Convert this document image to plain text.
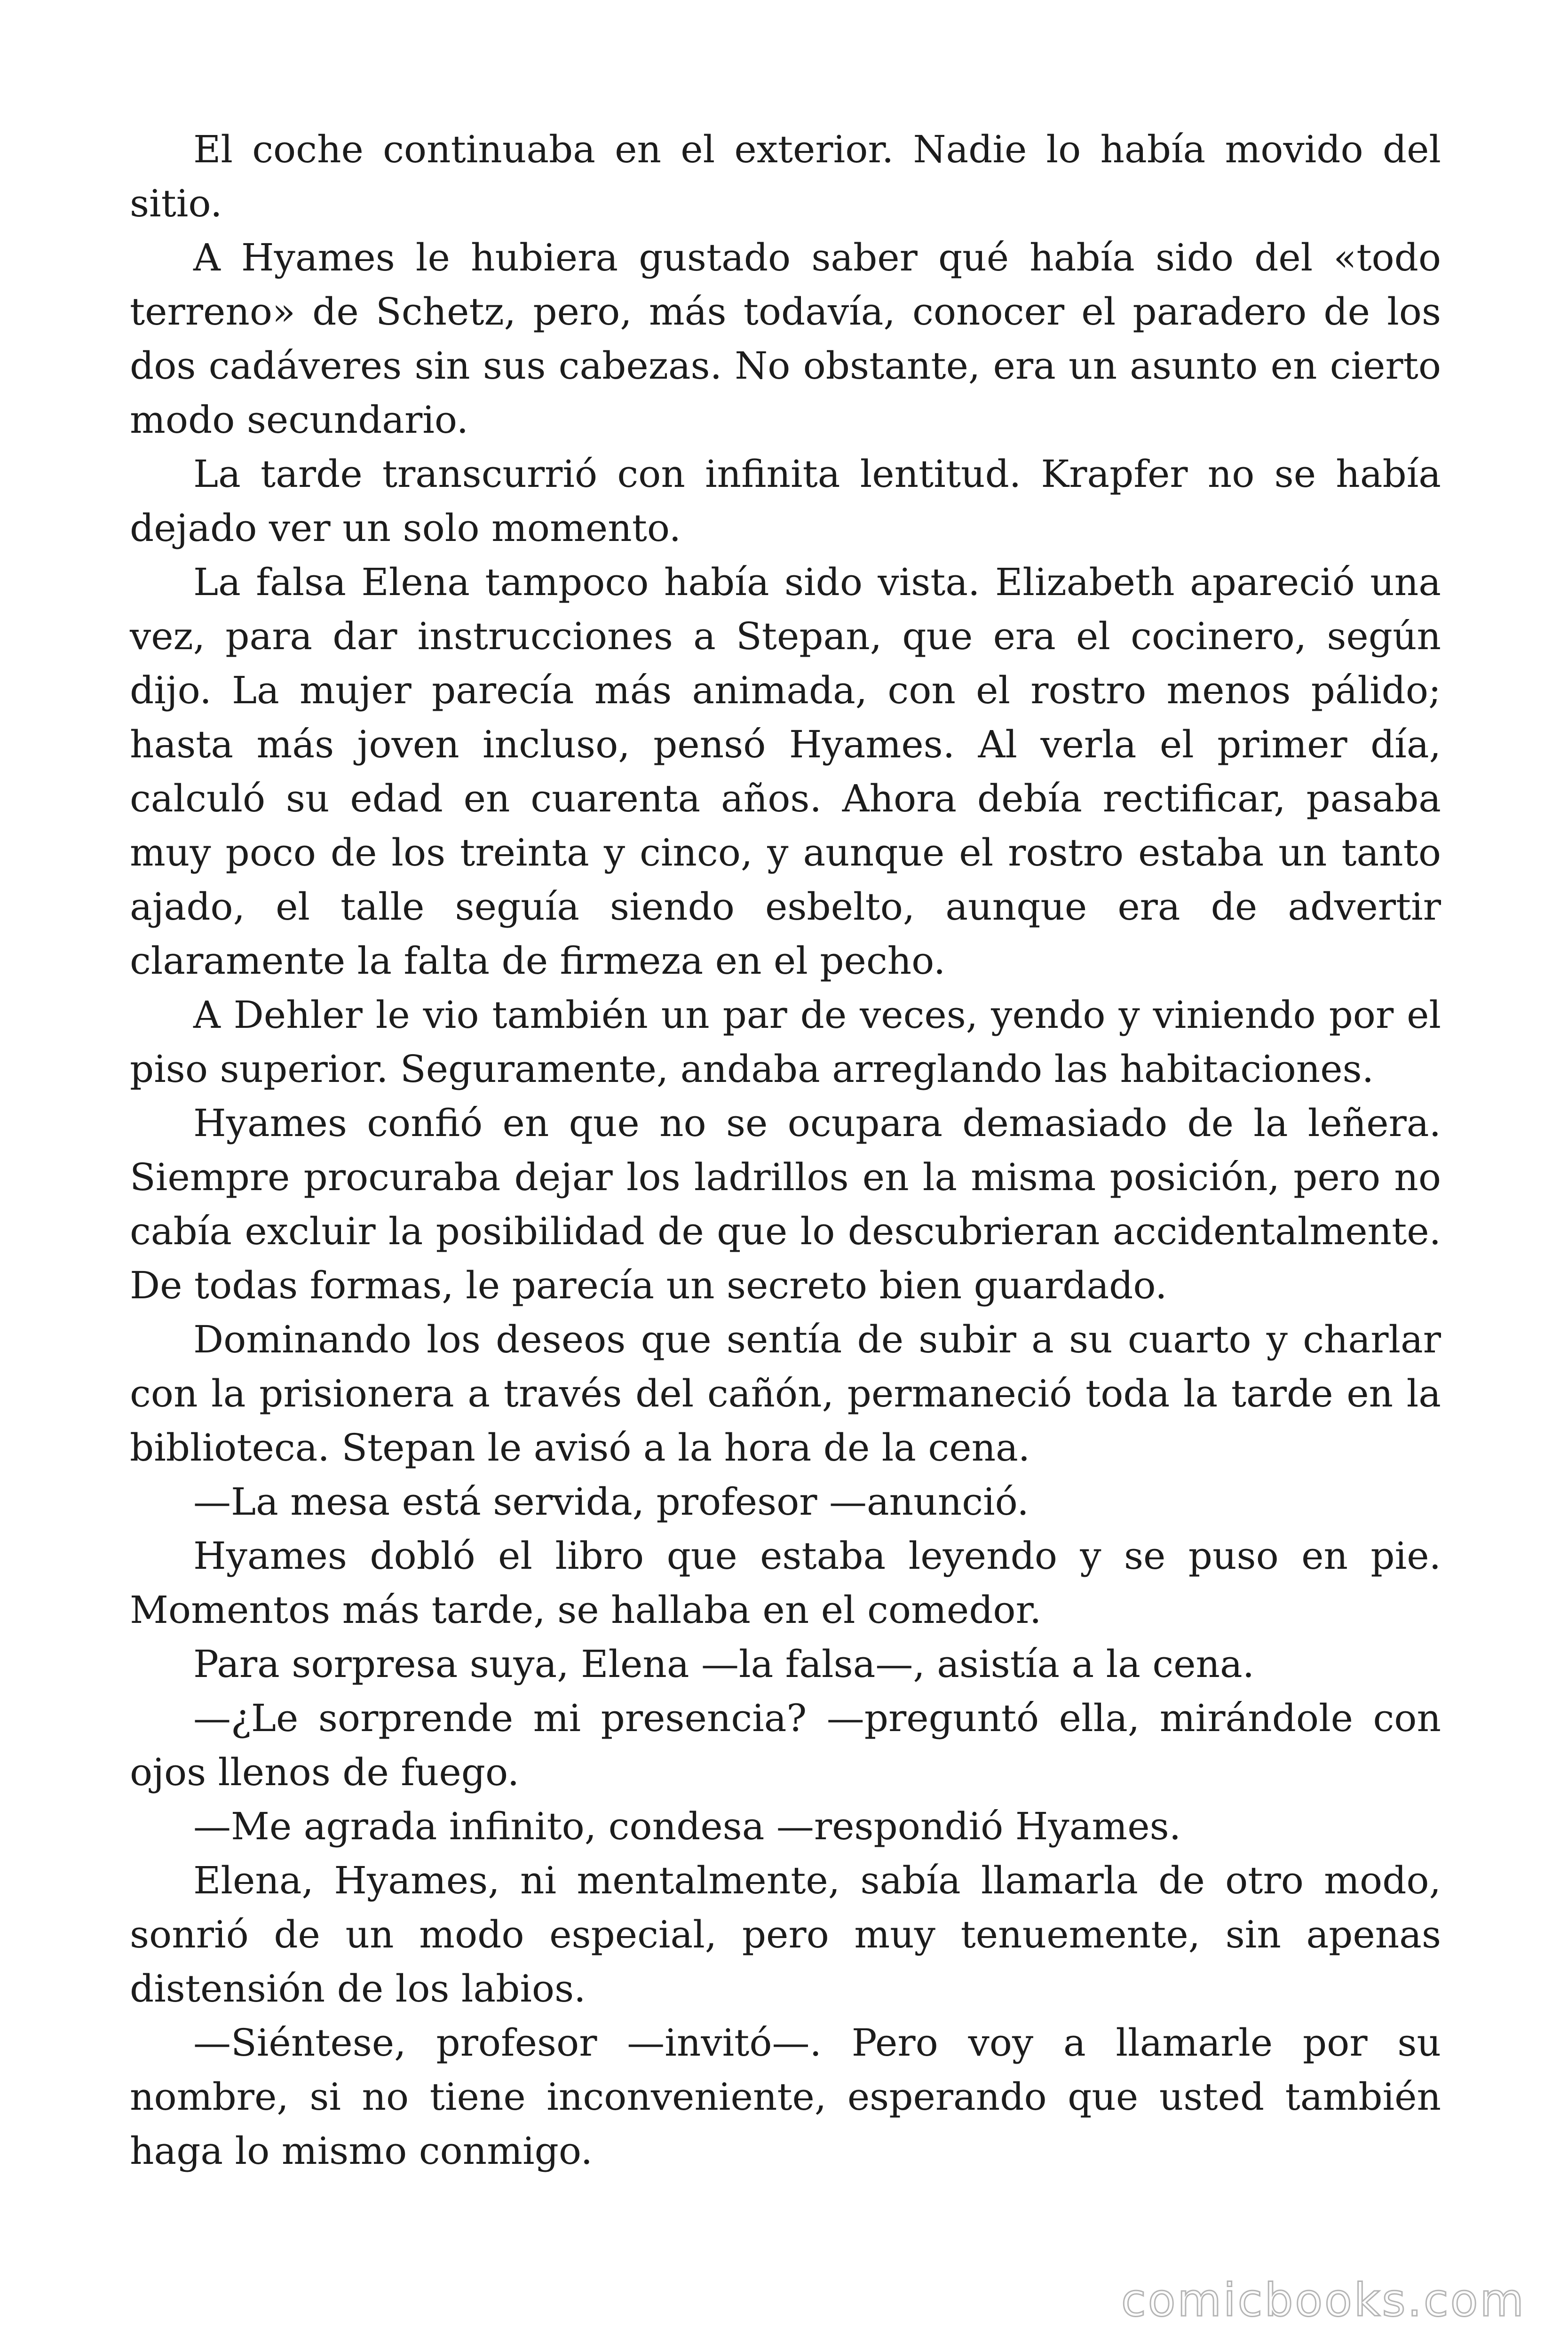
El coche continuaba en el exterior. Nadie lo había movido del sitio.

A Hyames le hubiera gustado saber qué había sido del «todo terreno» de Schetz, pero, más todavía, conocer el paradero de los dos cadáveres sin sus cabezas. No obstante, era un asunto en cierto modo secundario.

La tarde transcurrió con infinita lentitud. Krapfer no se había dejado ver un solo momento.

La falsa Elena tampoco había sido vista. Elizabeth apareció una vez, para dar instrucciones a Stepan, que era el cocinero, según dijo. La mujer parecía más animada, con el rostro menos pálido; hasta más joven incluso, pensó Hyames. Al verla el primer día, calculó su edad en cuarenta años. Ahora debía rectificar, pasaba muy poco de los treinta y cinco, y aunque el rostro estaba un tanto ajado, el talle seguía siendo esbelto, aunque era de advertir claramente la falta de firmeza en el pecho.

A Dehler le vio también un par de veces, yendo y viniendo por el piso superior. Seguramente, andaba arreglando las habitaciones.

Hyames confió en que no se ocupara demasiado de la leñera. Siempre procuraba dejar los ladrillos en la misma posición, pero no cabía excluir la posibilidad de que lo descubrieran accidentalmente. De todas formas, le parecía un secreto bien guardado.

Dominando los deseos que sentía de subir a su cuarto y charlar con la prisionera a través del cañón, permaneció toda la tarde en la biblioteca. Stepan le avisó a la hora de la cena.

—La mesa está servida, profesor —anunció.

Hyames dobló el libro que estaba leyendo y se puso en pie. Momentos más tarde, se hallaba en el comedor.

Para sorpresa suya, Elena —la falsa—, asistía a la cena.

—¿Le sorprende mi presencia? —preguntó ella, mirándole con ojos llenos de fuego.

—Me agrada infinito, condesa —respondió Hyames.

Elena, Hyames, ni mentalmente, sabía llamarla de otro modo, sonrió de un modo especial, pero muy tenuemente, sin apenas distensión de los labios.

—Siéntese, profesor —invitó—. Pero voy a llamarle por su nombre, si no tiene inconveniente, esperando que usted también haga lo mismo conmigo.

comicbooks.com
